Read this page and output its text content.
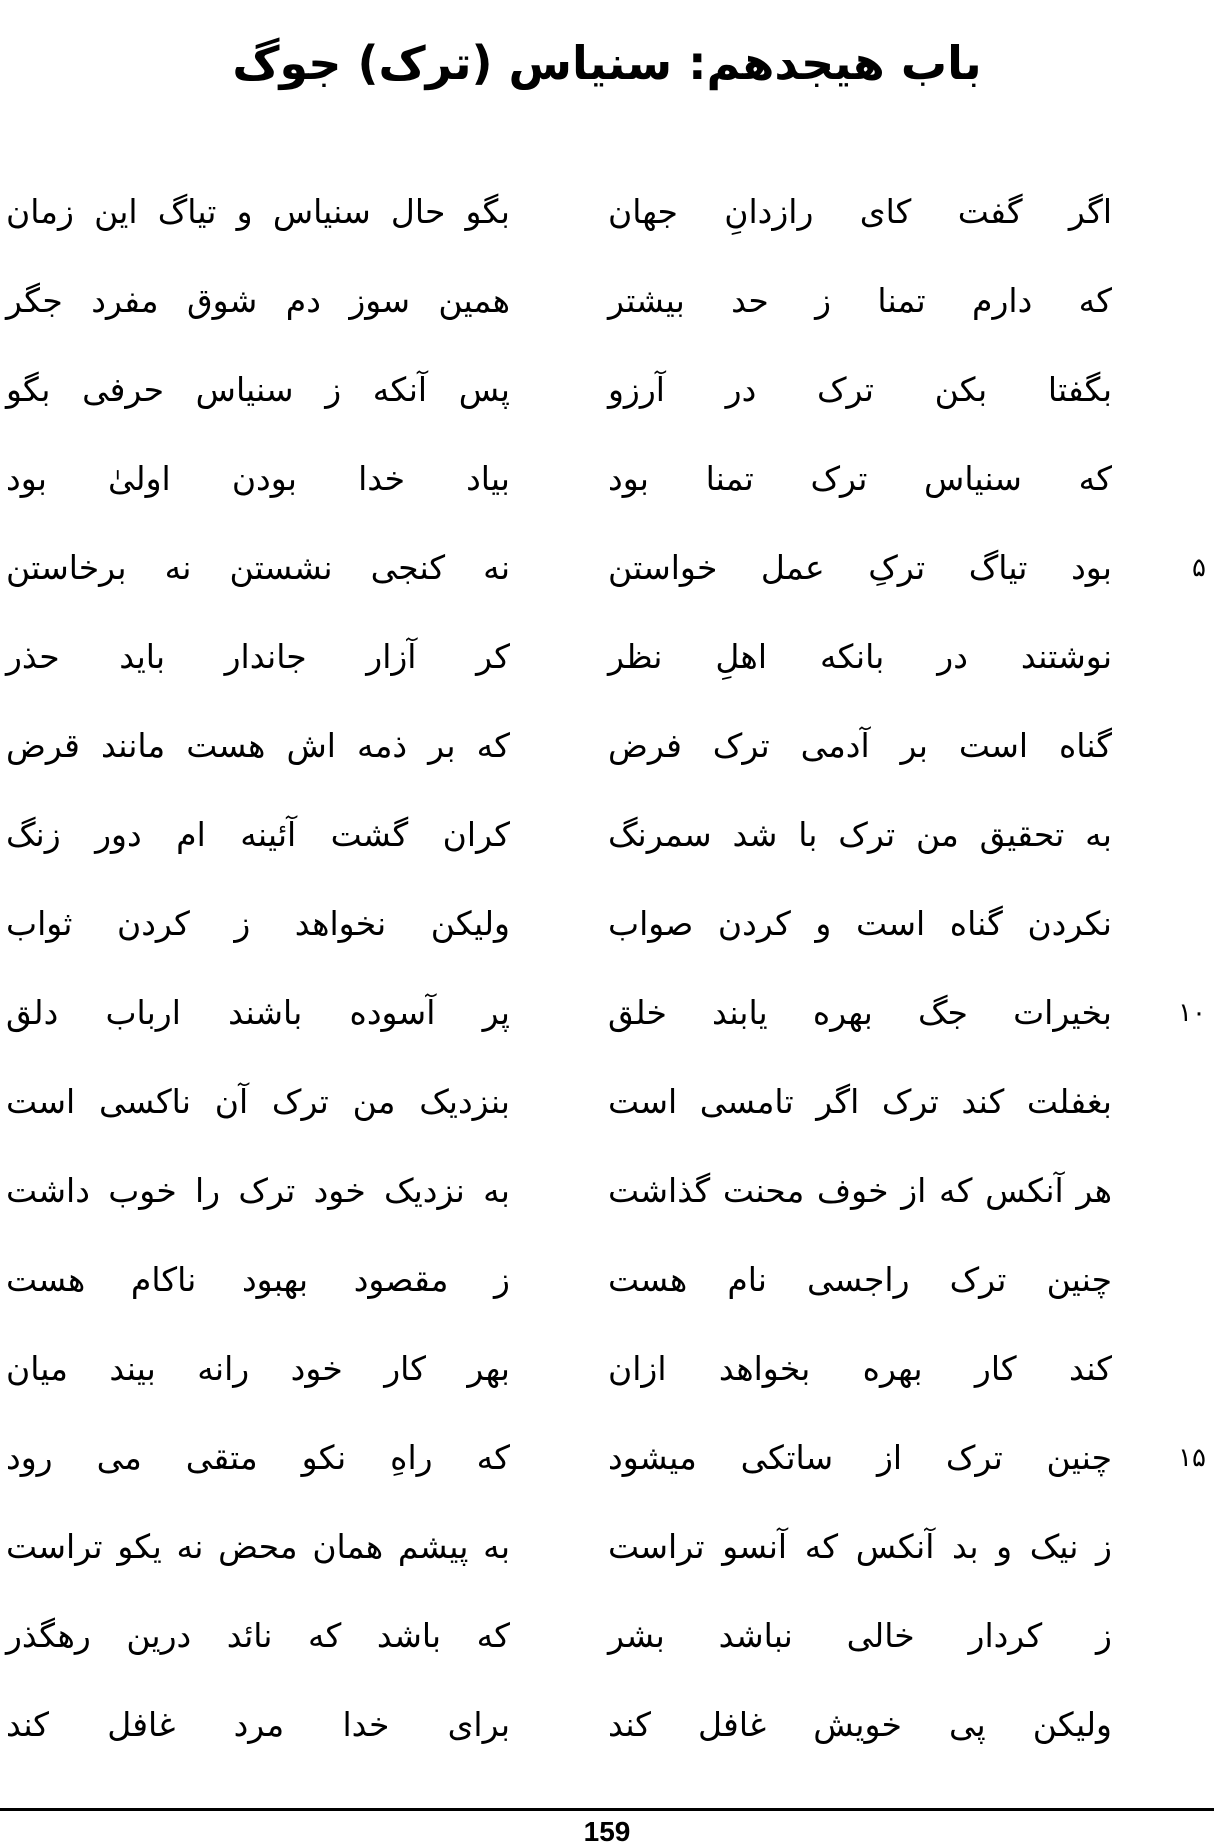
باب هیجدهم: سنیاس (ترک) جوگ
اگر گفت کای رازدانِ جهان
بگو حال سنیاس و تیاگ این زمان
که دارم تمنا ز حد بیشتر
همین سوز دم شوق مفرد جگر
بگفتا بکن ترک در آرزو
پس آنکه ز سنیاس حرفی بگو
که سنیاس ترک تمنا بود
بیاد خدا بودن اولیٰ بود
۵
بود تیاگ ترکِ عمل خواستن
نه کنجی نشستن نه برخاستن
نوشتند در بانکه اهلِ نظر
کر آزار جاندار باید حذر
گناه است بر آدمی ترک فرض
که بر ذمه اش هست مانند قرض
به تحقیق من ترک با شد سمرنگ
کران گشت آئینه ام دور زنگ
نکردن گناه است و کردن صواب
ولیکن نخواهد ز کردن ثواب
۱۰
بخیرات جگ بهره یابند خلق
پر آسوده باشند ارباب دلق
بغفلت کند ترک اگر تامسی است
بنزدیک من ترک آن ناکسی است
هر آنکس که از خوف محنت گذاشت
به نزدیک خود ترک را خوب داشت
چنین ترک راجسی نام هست
ز مقصود بهبود ناکام هست
کند کار بهره بخواهد ازان
بهر کار خود رانه بیند میان
۱۵
چنین ترک از ساتکی میشود
که راهِ نکو متقی می رود
ز نیک و بد آنکس که آنسو تراست
به پیشم همان محض نه یکو تراست
ز کردار خالی نباشد بشر
که باشد که نائد درین رهگذر
ولیکن پی خویش غافل کند
برای خدا مرد غافل کند
159
